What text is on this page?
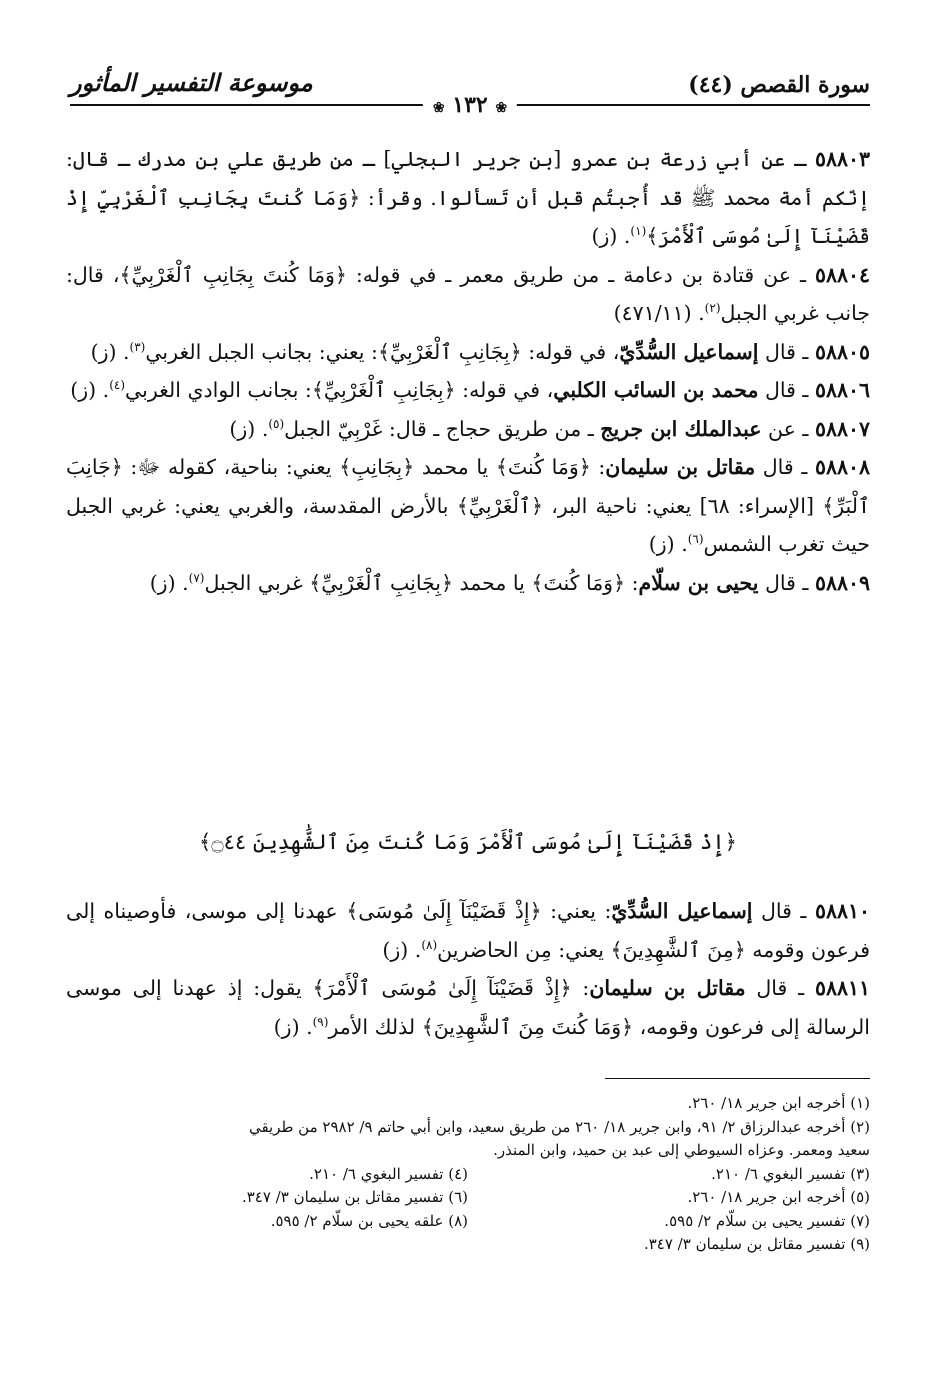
سورة القصص (٤٤)
موسوعة التفسير المأثور
❀ ١٣٢ ❀

٥٨٨٠٣ ـ عن أبي زرعة بن عمرو [بن جرير البجلي] ـ من طريق علي بن مدرك ـ قال: إنّكم أمة محمد ﷺ قد أُجبتُم قبل أن تَسألوا. وقرأ: ﴿وَمَا كُنتَ بِجَانِبِ ٱلْغَرْبِيِّ إِذْ قَضَيْنَآ إِلَىٰ مُوسَى ٱلْأَمْرَ﴾$^{(١)}$. (ز)

٥٨٨٠٤ ـ عن قتادة بن دعامة ـ من طريق معمر ـ في قوله: ﴿وَمَا كُنتَ بِجَانِبِ ٱلْغَرْبِيِّ﴾، قال: جانب غربي الجبل$^{(٢)}$. (٤٧١/١١)

٥٨٨٠٥ ـ قال إسماعيل السُّدِّيّ، في قوله: ﴿بِجَانِبِ ٱلْغَرْبِيِّ﴾: يعني: بجانب الجبل الغربي$^{(٣)}$. (ز)

٥٨٨٠٦ ـ قال محمد بن السائب الكلبي، في قوله: ﴿بِجَانِبِ ٱلْغَرْبِيِّ﴾: بجانب الوادي الغربي$^{(٤)}$. (ز)

٥٨٨٠٧ ـ عن عبدالملك ابن جريج ـ من طريق حجاج ـ قال: غَرْبِيّ الجبل$^{(٥)}$. (ز)

٥٨٨٠٨ ـ قال مقاتل بن سليمان: ﴿وَمَا كُنتَ﴾ يا محمد ﴿بِجَانِبِ﴾ يعني: بناحية، كقوله ﷻ: ﴿جَانِبَ ٱلْبَرِّ﴾ [الإسراء: ٦٨] يعني: ناحية البر، ﴿ٱلْغَرْبِيِّ﴾ بالأرض المقدسة، والغربي يعني: غربي الجبل حيث تغرب الشمس$^{(٦)}$. (ز)

٥٨٨٠٩ ـ قال يحيى بن سلّام: ﴿وَمَا كُنتَ﴾ يا محمد ﴿بِجَانِبِ ٱلْغَرْبِيِّ﴾ غربي الجبل$^{(٧)}$. (ز)

﴿إِذْ قَضَيْنَآ إِلَىٰ مُوسَى ٱلْأَمْرَ وَمَا كُنتَ مِنَ ٱلشَّٰهِدِينَ ۝٤٤﴾

٥٨٨١٠ ـ قال إسماعيل السُّدِّيّ: يعني: ﴿إِذْ قَضَيْنَآ إِلَىٰ مُوسَى﴾ عهدنا إلى موسى، فأوصيناه إلى فرعون وقومه ﴿مِنَ ٱلشَّٰهِدِينَ﴾ يعني: مِن الحاضرين$^{(٨)}$. (ز)

٥٨٨١١ ـ قال مقاتل بن سليمان: ﴿إِذْ قَضَيْنَآ إِلَىٰ مُوسَى ٱلْأَمْرَ﴾ يقول: إذ عهدنا إلى موسى الرسالة إلى فرعون وقومه، ﴿وَمَا كُنتَ مِنَ ٱلشَّٰهِدِينَ﴾ لذلك الأمر$^{(٩)}$. (ز)

(١) أخرجه ابن جرير ١٨/ ٢٦٠.
(٢) أخرجه عبدالرزاق ٢/ ٩١، وابن جرير ١٨/ ٢٦٠ من طريق سعيد، وابن أبي حاتم ٩/ ٢٩٨٢ من طريقي
سعيد ومعمر. وعزاه السيوطي إلى عبد بن حميد، وابن المنذر.
(٣) تفسير البغوي ٦/ ٢١٠.
(٤) تفسير البغوي ٦/ ٢١٠.
(٥) أخرجه ابن جرير ١٨/ ٢٦٠.
(٦) تفسير مقاتل بن سليمان ٣/ ٣٤٧.
(٧) تفسير يحيى بن سلّام ٢/ ٥٩٥.
(٨) علقه يحيى بن سلّام ٢/ ٥٩٥.
(٩) تفسير مقاتل بن سليمان ٣/ ٣٤٧.
